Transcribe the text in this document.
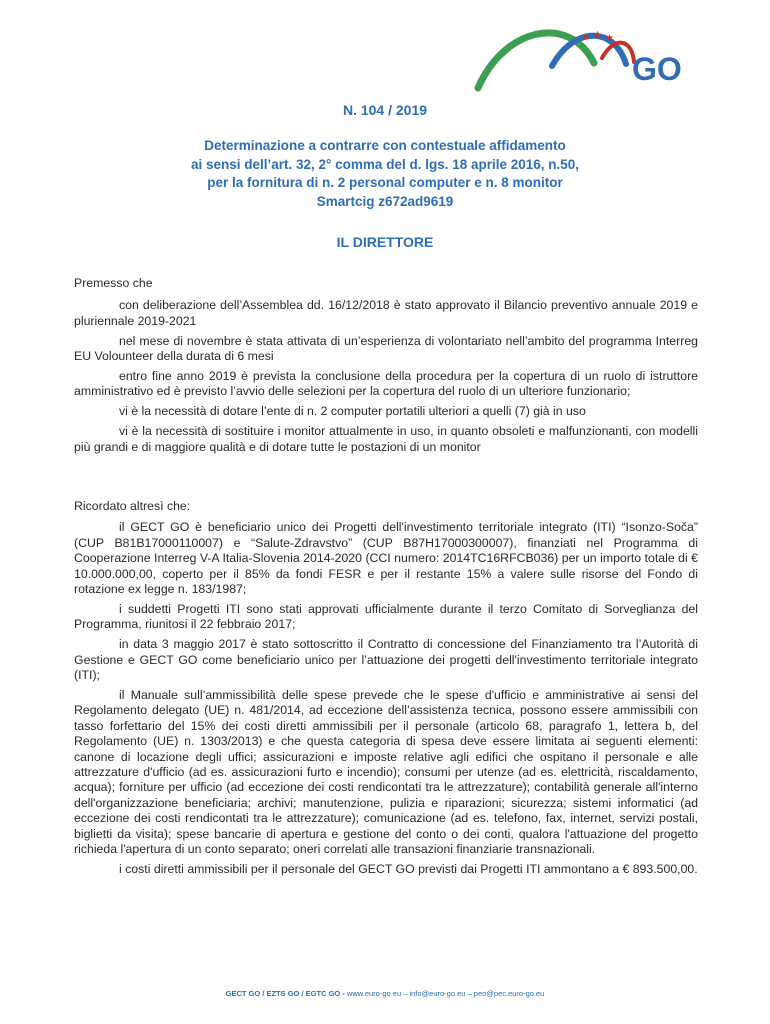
★ ★ ★
GO
N. 104 / 2019
Determinazione a contrarre con contestuale affidamento
ai sensi dell’art. 32, 2° comma del d. lgs. 18 aprile 2016, n.50,
per la fornitura di n. 2 personal computer e n. 8 monitor
Smartcig z672ad9619
IL DIRETTORE

Premesso che

con deliberazione dell’Assemblea dd. 16/12/2018 è stato approvato il Bilancio preventivo annuale 2019 e pluriennale 2019-2021

nel mese di novembre è stata attivata di un’esperienza di volontariato nell’ambito del programma Interreg EU Volounteer della durata di 6 mesi

entro fine anno 2019 è prevista la conclusione della procedura per la copertura di un ruolo di istruttore amministrativo ed è previsto l’avvio delle selezioni per la copertura del ruolo di un ulteriore funzionario;

vi è la necessità di dotare l’ente di n. 2 computer portatili ulteriori a quelli (7) già in uso

vi è la necessità di sostituire i monitor attualmente in uso, in quanto obsoleti e malfunzionanti, con modelli più grandi e di maggiore qualità e di dotare tutte le postazioni di un monitor

Ricordato altresì che:

il GECT GO è beneficiario unico dei Progetti dell'investimento territoriale integrato (ITI) “Isonzo-Soča” (CUP B81B17000110007) e “Salute-Zdravstvo” (CUP B87H17000300007), finanziati nel Programma di Cooperazione Interreg V-A Italia-Slovenia 2014-2020 (CCI numero: 2014TC16RFCB036) per un importo totale di € 10.000.000,00, coperto per il 85% da fondi FESR e per il restante 15% a valere sulle risorse del Fondo di rotazione ex legge n. 183/1987;

i suddetti Progetti ITI sono stati approvati ufficialmente durante il terzo Comitato di Sorveglianza del Programma, riunitosi il 22 febbraio 2017;

in data 3 maggio 2017 è stato sottoscritto il Contratto di concessione del Finanziamento tra l’Autorità di Gestione e GECT GO come beneficiario unico per l’attuazione dei progetti dell'investimento territoriale integrato (ITI);

il Manuale sull’ammissibilità delle spese prevede che le spese d'ufficio e amministrative ai sensi del Regolamento delegato (UE) n. 481/2014, ad eccezione dell’assistenza tecnica, possono essere ammissibili con tasso forfettario del 15% dei costi diretti ammissibili per il personale (articolo 68, paragrafo 1, lettera b, del Regolamento (UE) n. 1303/2013) e che questa categoria di spesa deve essere limitata ai seguenti elementi: canone di locazione degli uffici; assicurazioni e imposte relative agli edifici che ospitano il personale e alle attrezzature d'ufficio (ad es. assicurazioni furto e incendio); consumi per utenze (ad es. elettricità, riscaldamento, acqua); forniture per ufficio (ad eccezione dei costi rendicontati tra le attrezzature); contabilità generale all'interno dell'organizzazione beneficiaria; archivi; manutenzione, pulizia e riparazioni; sicurezza; sistemi informatici (ad eccezione dei costi rendicontati tra le attrezzature); comunicazione (ad es. telefono, fax, internet, servizi postali, biglietti da visita); spese bancarie di apertura e gestione del conto o dei conti, qualora l'attuazione del progetto richieda l'apertura di un conto separato; oneri correlati alle transazioni finanziarie transnazionali.

i costi diretti ammissibili per il personale del GECT GO previsti dai Progetti ITI ammontano a € 893.500,00.

GECT GO / EZTS GO / EGTC GO - www.euro-go.eu – info@euro-go.eu – peo@pec.euro-go.eu
